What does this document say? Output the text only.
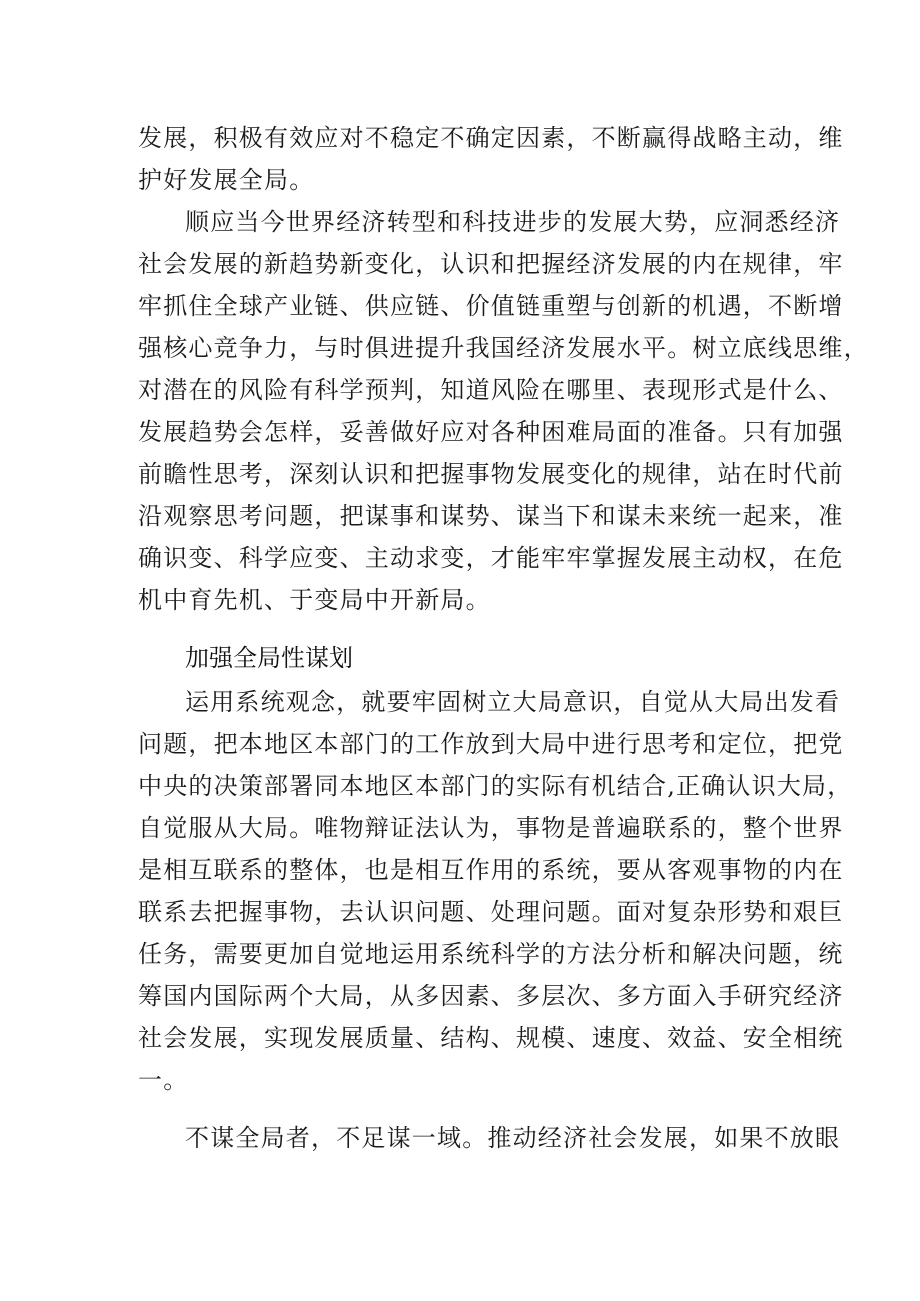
发展，积极有效应对不稳定不确定因素，不断赢得战略主动，维
护好发展全局。
顺应当今世界经济转型和科技进步的发展大势，应洞悉经济
社会发展的新趋势新变化，认识和把握经济发展的内在规律，牢
牢抓住全球产业链、供应链、价值链重塑与创新的机遇，不断增
强核心竞争力，与时俱进提升我国经济发展水平。树立底线思维，
对潜在的风险有科学预判，知道风险在哪里、表现形式是什么、
发展趋势会怎样，妥善做好应对各种困难局面的准备。只有加强
前瞻性思考，深刻认识和把握事物发展变化的规律，站在时代前
沿观察思考问题，把谋事和谋势、谋当下和谋未来统一起来，准
确识变、科学应变、主动求变，才能牢牢掌握发展主动权，在危
机中育先机、于变局中开新局。
加强全局性谋划
运用系统观念，就要牢固树立大局意识，自觉从大局出发看
问题，把本地区本部门的工作放到大局中进行思考和定位，把党
中央的决策部署同本地区本部门的实际有机结合,正确认识大局，
自觉服从大局。唯物辩证法认为，事物是普遍联系的，整个世界
是相互联系的整体，也是相互作用的系统，要从客观事物的内在
联系去把握事物，去认识问题、处理问题。面对复杂形势和艰巨
任务，需要更加自觉地运用系统科学的方法分析和解决问题，统
筹国内国际两个大局，从多因素、多层次、多方面入手研究经济
社会发展，实现发展质量、结构、规模、速度、效益、安全相统
一。
不谋全局者，不足谋一域。推动经济社会发展，如果不放眼
